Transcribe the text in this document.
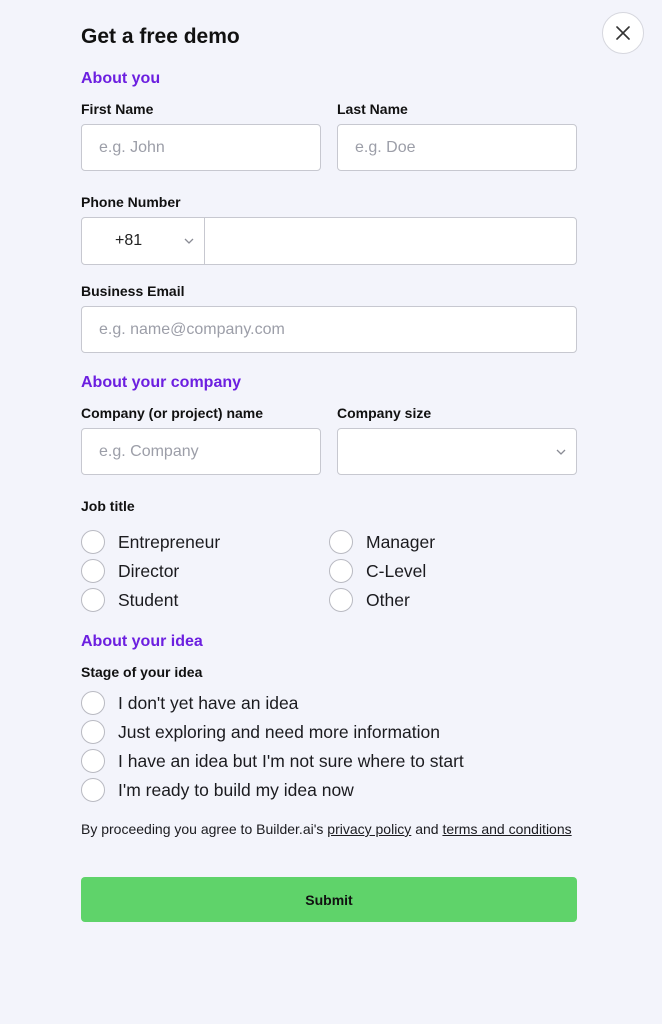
Get a free demo
About you
First Name
e.g. John	Last Name
e.g. Doe
Phone Number
+81
Business Email
e.g. name@company.com
About your company
Company (or project) name
e.g. Company	Company size
Job title
Entrepreneur
Director
Student
Manager
C-Level
Other
About your idea
Stage of your idea
I don't yet have an idea
Just exploring and need more information
I have an idea but I'm not sure where to start
I'm ready to build my idea now
By proceeding you agree to Builder.ai's privacy policy and terms and conditions
Submit
